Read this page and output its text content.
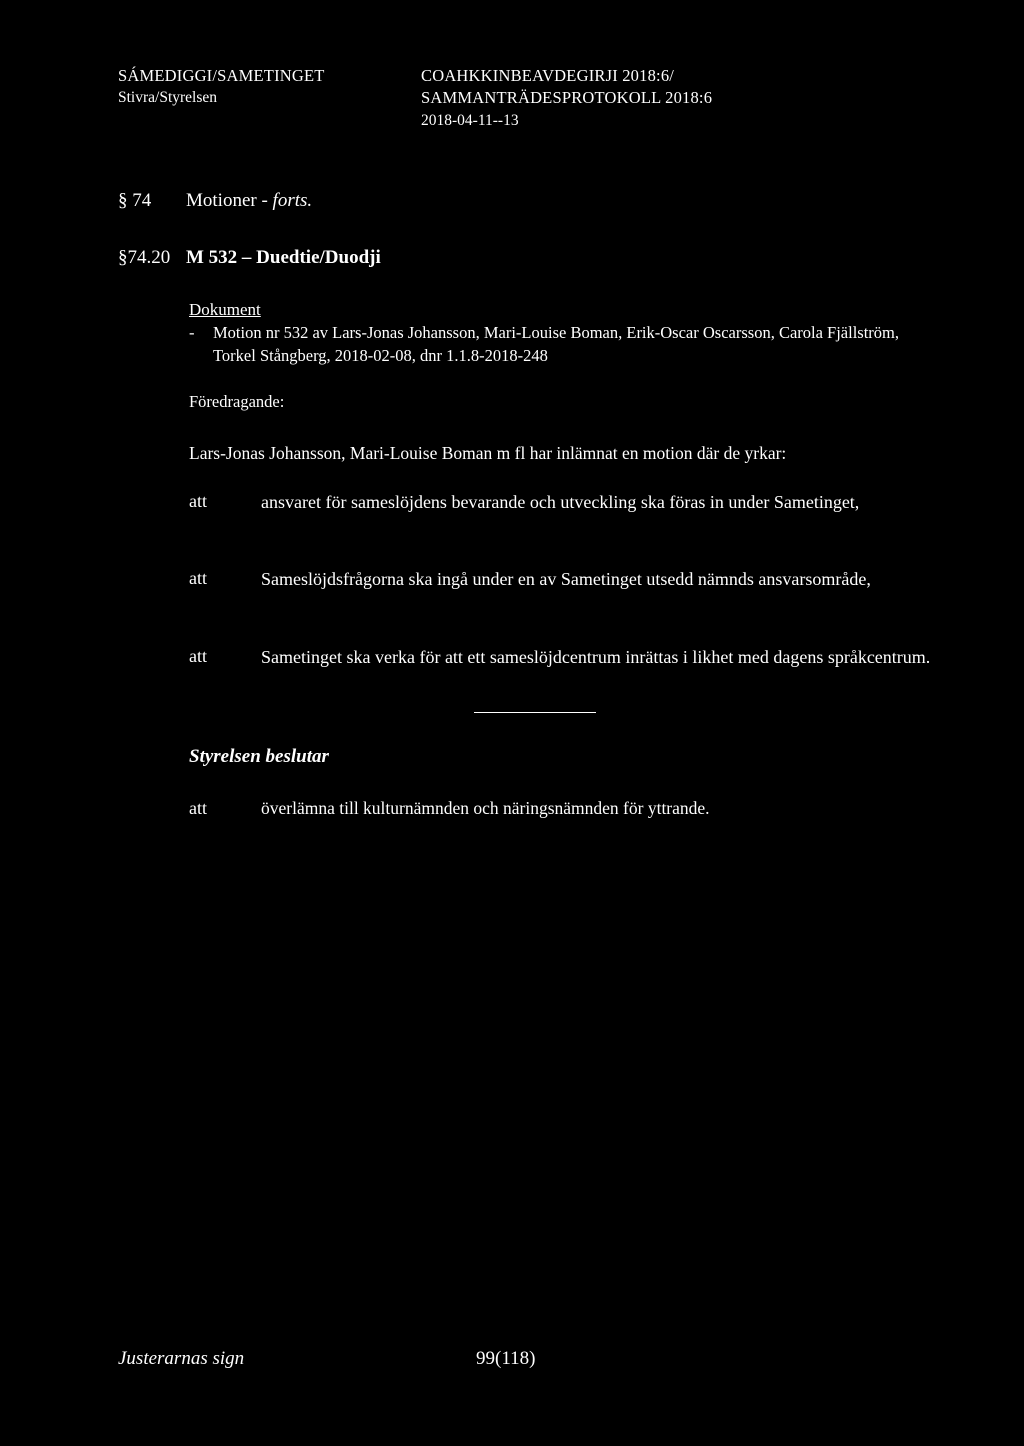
SÁMEDIGGI/SAMETINGET
Stivra/Styrelsen
COAHKKINBEAVDEGIRJI 2018:6/
SAMMANTRÄDESPROTOKOLL 2018:6
2018-04-11--13
§ 74 Motioner - forts.
§74.20 M 532 – Duedtie/Duodji
Dokument
- Motion nr 532 av Lars-Jonas Johansson, Mari-Louise Boman, Erik-Oscar Oscarsson, Carola Fjällström, Torkel Stångberg, 2018-02-08, dnr 1.1.8-2018-248
Föredragande:
Lars-Jonas Johansson, Mari-Louise Boman m fl har inlämnat en motion där de yrkar:
att	ansvaret för sameslöjdens bevarande och utveckling ska föras in under Sametinget,
att	Sameslöjdsfrågorna ska ingå under en av Sametinget utsedd nämnds ansvarsområde,
att	Sametinget ska verka för att ett sameslöjdcentrum inrättas i likhet med dagens språkcentrum.
Styrelsen beslutar
att	överlämna till kulturnämnden och näringsnämnden för yttrande.
Justerarnas sign	99(118)
